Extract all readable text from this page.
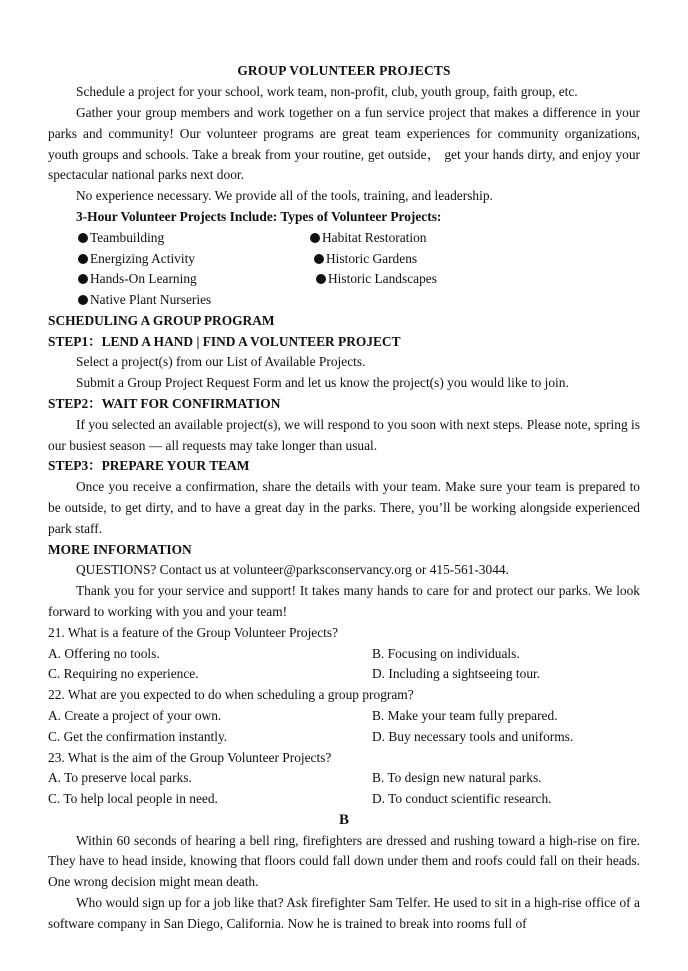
GROUP VOLUNTEER PROJECTS

Schedule a project for your school, work team, non-profit, club, youth group, faith group, etc.

Gather your group members and work together on a fun service project that makes a difference in your parks and community! Our volunteer programs are great team experiences for community organizations, youth groups and schools. Take a break from your routine, get outside， get your hands dirty, and enjoy your spectacular national parks next door.

No experience necessary. We provide all of the tools, training, and leadership.

3-Hour Volunteer Projects Include: Types of Volunteer Projects:

Teambuilding
Energizing Activity
Hands-On Learning
Native Plant Nurseries
Habitat Restoration
Historic Gardens
Historic Landscapes

SCHEDULING A GROUP PROGRAM

STEP1：LEND A HAND | FIND A VOLUNTEER PROJECT

Select a project(s) from our List of Available Projects.

Submit a Group Project Request Form and let us know the project(s) you would like to join.

STEP2：WAIT FOR CONFIRMATION

If you selected an available project(s), we will respond to you soon with next steps. Please note, spring is our busiest season — all requests may take longer than usual.

STEP3：PREPARE YOUR TEAM

Once you receive a confirmation, share the details with your team. Make sure your team is prepared to be outside, to get dirty, and to have a great day in the parks. There, you’ll be working alongside experienced park staff.

MORE INFORMATION

QUESTIONS? Contact us at volunteer@parksconservancy.org or 415-561-3044.

Thank you for your service and support! It takes many hands to care for and protect our parks. We look forward to working with you and your team!

21. What is a feature of the Group Volunteer Projects?

A. Offering no tools.	B. Focusing on individuals.
C. Requiring no experience.	D. Including a sightseeing tour.

22. What are you expected to do when scheduling a group program?

A. Create a project of your own.	B. Make your team fully prepared.
C. Get the confirmation instantly.	D. Buy necessary tools and uniforms.

23. What is the aim of the Group Volunteer Projects?

A. To preserve local parks.	B. To design new natural parks.
C. To help local people in need.	D. To conduct scientific research.

B

Within 60 seconds of hearing a bell ring, firefighters are dressed and rushing toward a high-rise on fire. They have to head inside, knowing that floors could fall down under them and roofs could fall on their heads. One wrong decision might mean death.

Who would sign up for a job like that? Ask firefighter Sam Telfer. He used to sit in a high-rise office of a software company in San Diego, California. Now he is trained to break into rooms full of
